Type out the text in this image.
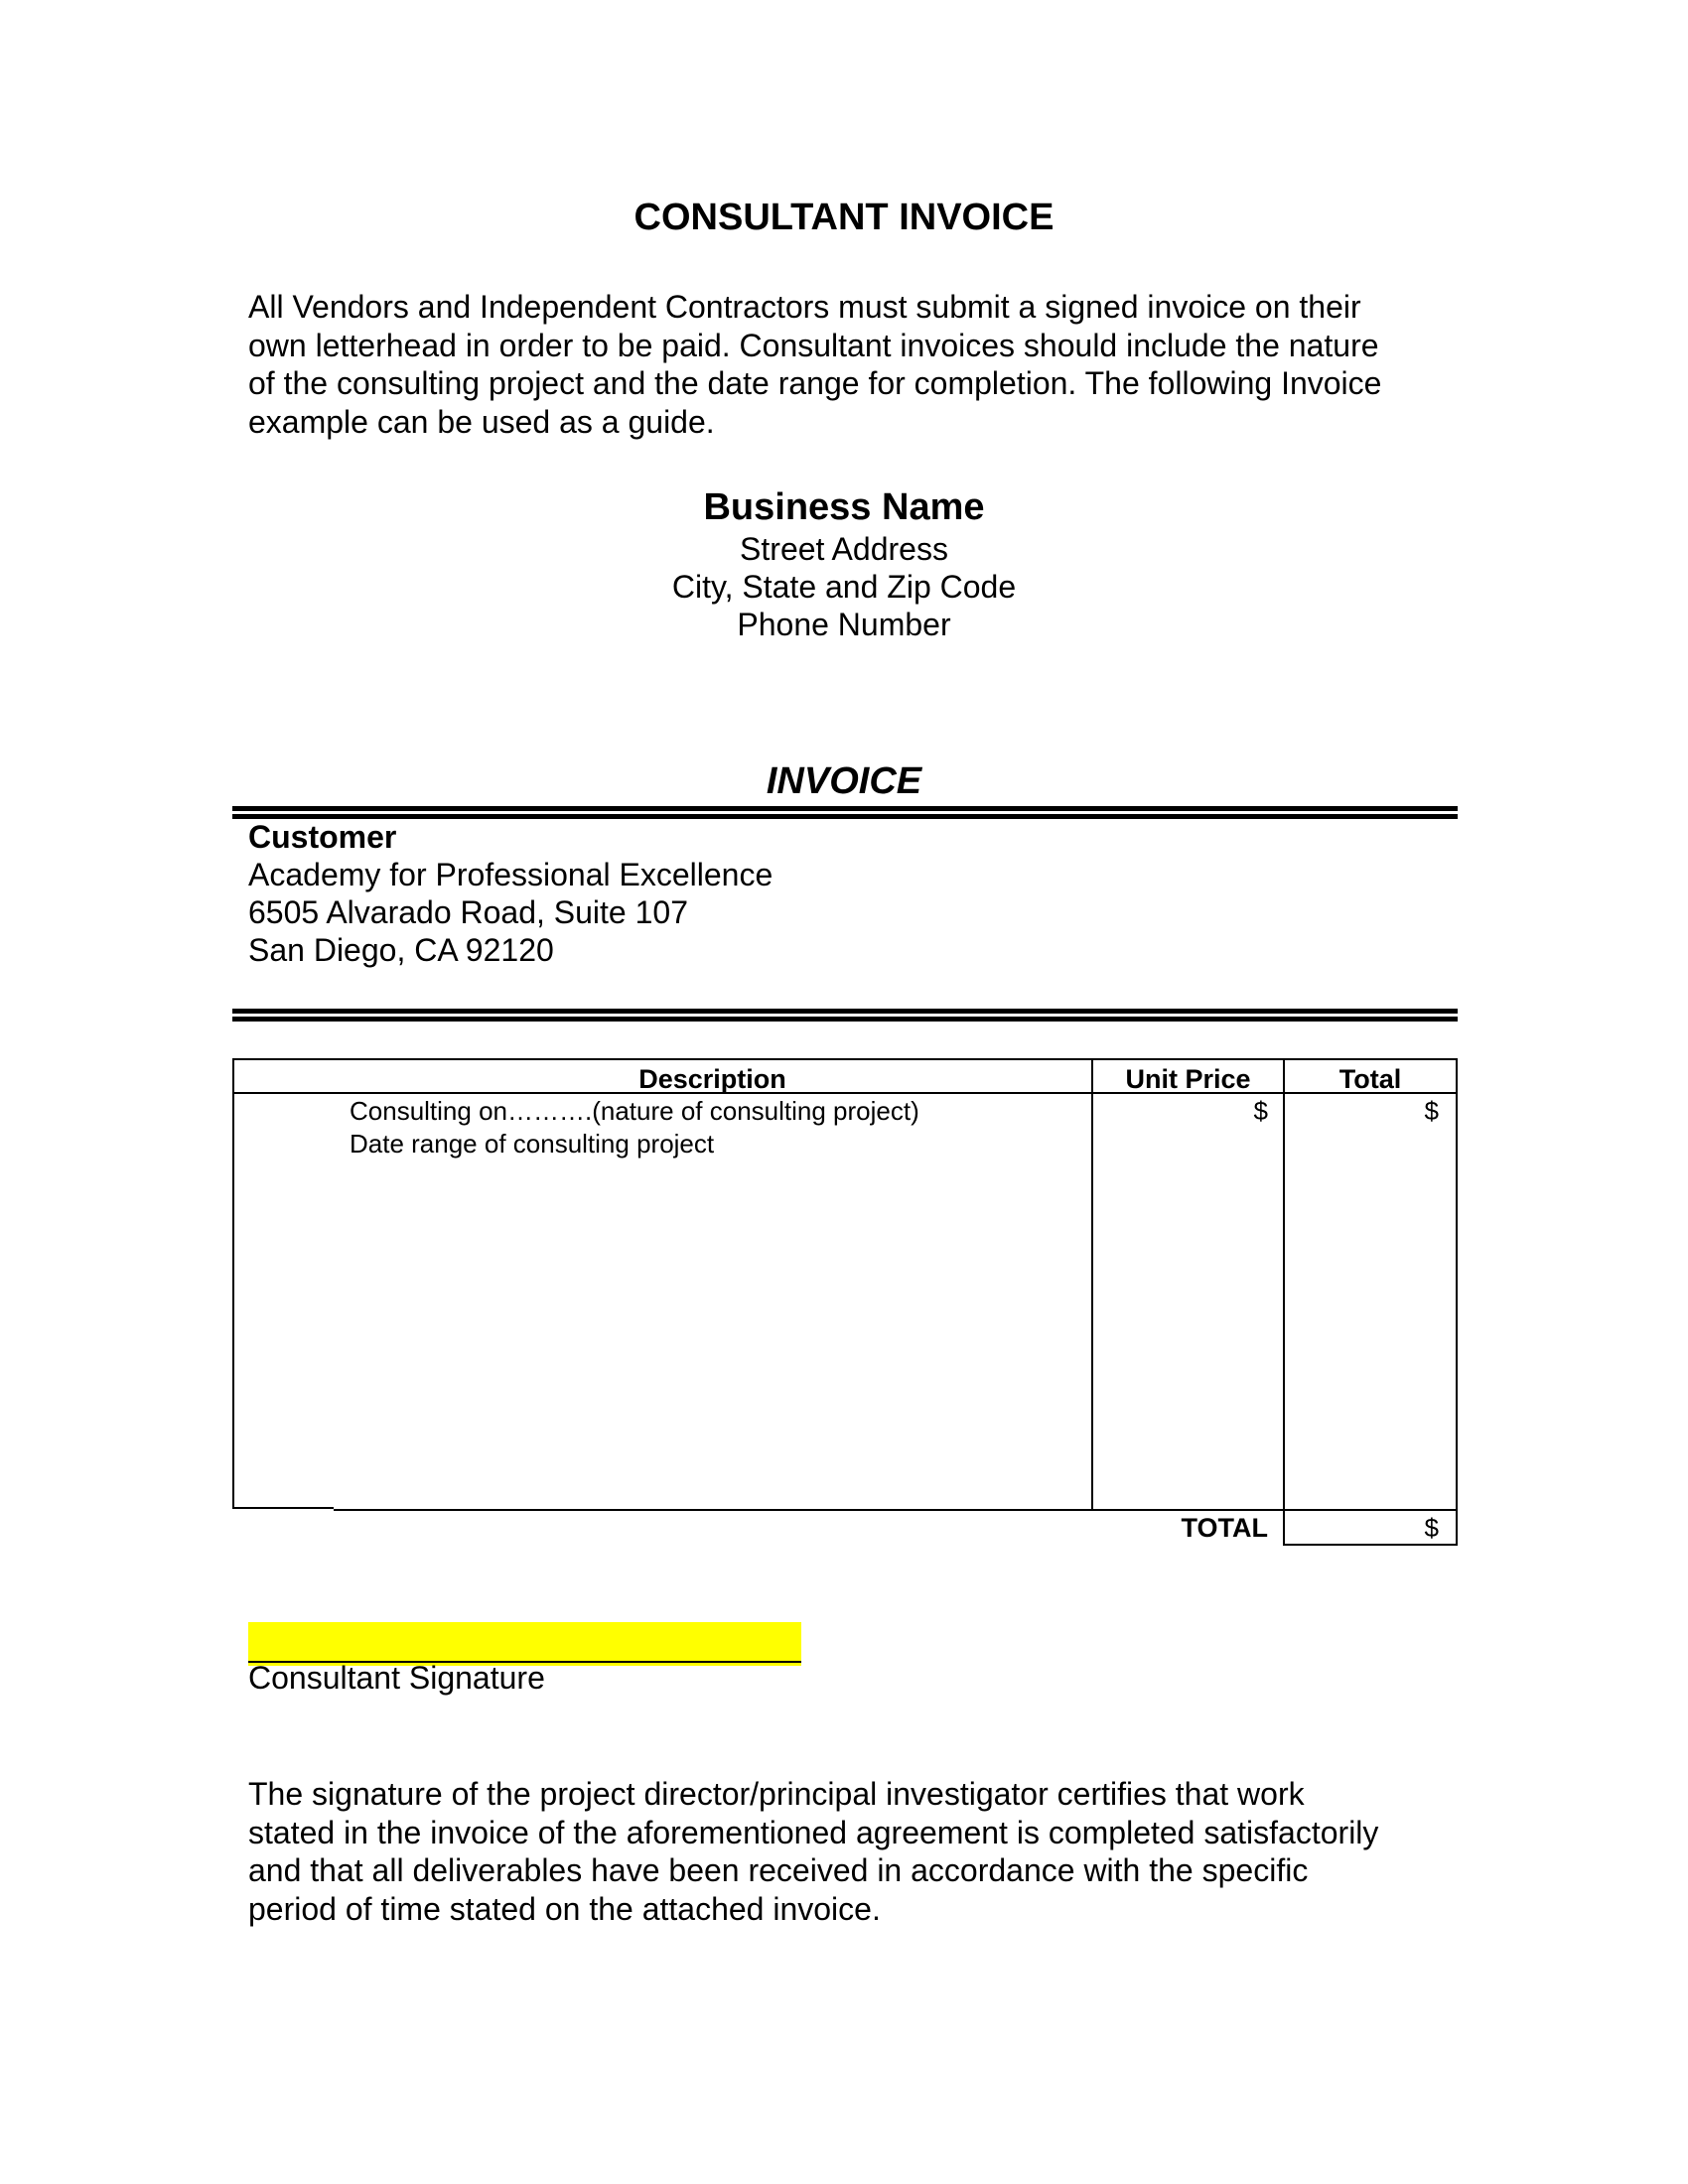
CONSULTANT INVOICE
All Vendors and Independent Contractors must submit a signed invoice on their
own letterhead in order to be paid. Consultant invoices should include the nature
of the consulting project and the date range for completion. The following Invoice
example can be used as a guide.
Business Name
Street Address
City, State and Zip Code
Phone Number
INVOICE
Customer
Academy for Professional Excellence
6505 Alvarado Road, Suite 107
San Diego, CA 92120
Description	Unit Price	Total
Consulting on……….(nature of consulting project)
Date range of consulting project
$	$
TOTAL	$
Consultant Signature
The signature of the project director/principal investigator certifies that work
stated in the invoice of the aforementioned agreement is completed satisfactorily
and that all deliverables have been received in accordance with the specific
period of time stated on the attached invoice.
